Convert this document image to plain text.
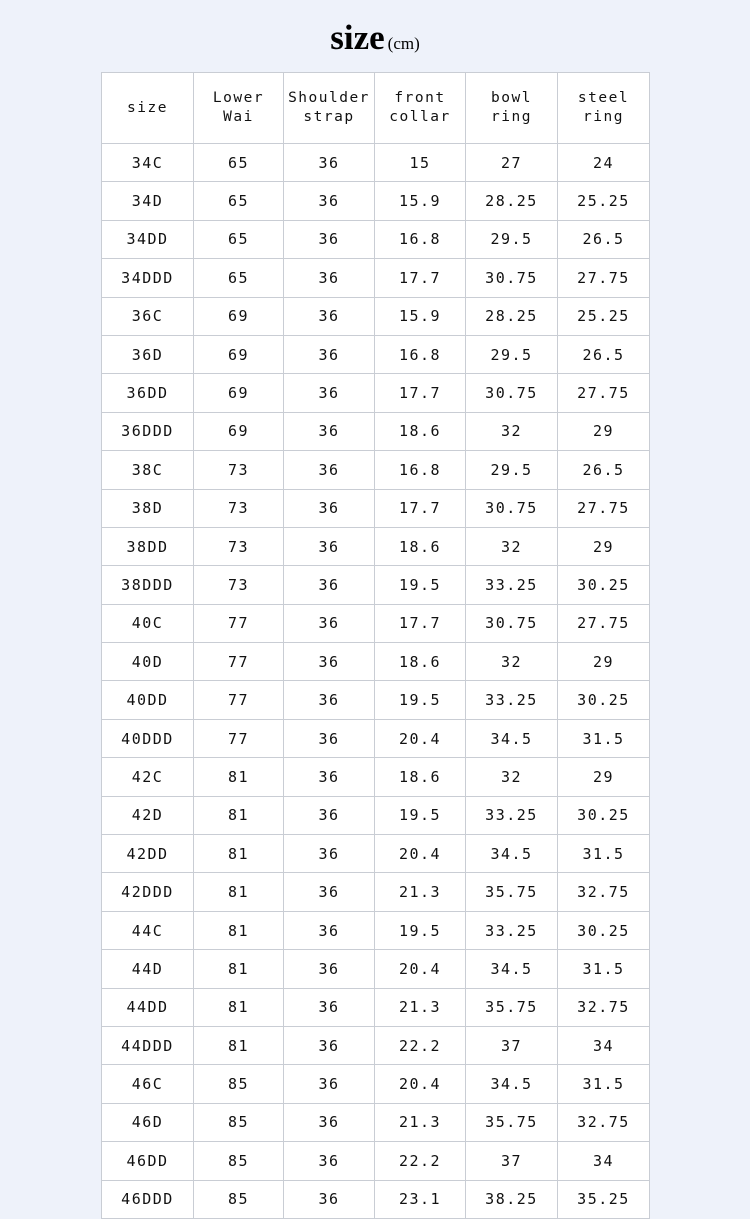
size (cm)
size	Lower Wai	Shoulder strap	front collar	bowl ring	steel ring
34C	65	36	15	27	24
34D	65	36	15.9	28.25	25.25
34DD	65	36	16.8	29.5	26.5
34DDD	65	36	17.7	30.75	27.75
36C	69	36	15.9	28.25	25.25
36D	69	36	16.8	29.5	26.5
36DD	69	36	17.7	30.75	27.75
36DDD	69	36	18.6	32	29
38C	73	36	16.8	29.5	26.5
38D	73	36	17.7	30.75	27.75
38DD	73	36	18.6	32	29
38DDD	73	36	19.5	33.25	30.25
40C	77	36	17.7	30.75	27.75
40D	77	36	18.6	32	29
40DD	77	36	19.5	33.25	30.25
40DDD	77	36	20.4	34.5	31.5
42C	81	36	18.6	32	29
42D	81	36	19.5	33.25	30.25
42DD	81	36	20.4	34.5	31.5
42DDD	81	36	21.3	35.75	32.75
44C	81	36	19.5	33.25	30.25
44D	81	36	20.4	34.5	31.5
44DD	81	36	21.3	35.75	32.75
44DDD	81	36	22.2	37	34
46C	85	36	20.4	34.5	31.5
46D	85	36	21.3	35.75	32.75
46DD	85	36	22.2	37	34
46DDD	85	36	23.1	38.25	35.25
